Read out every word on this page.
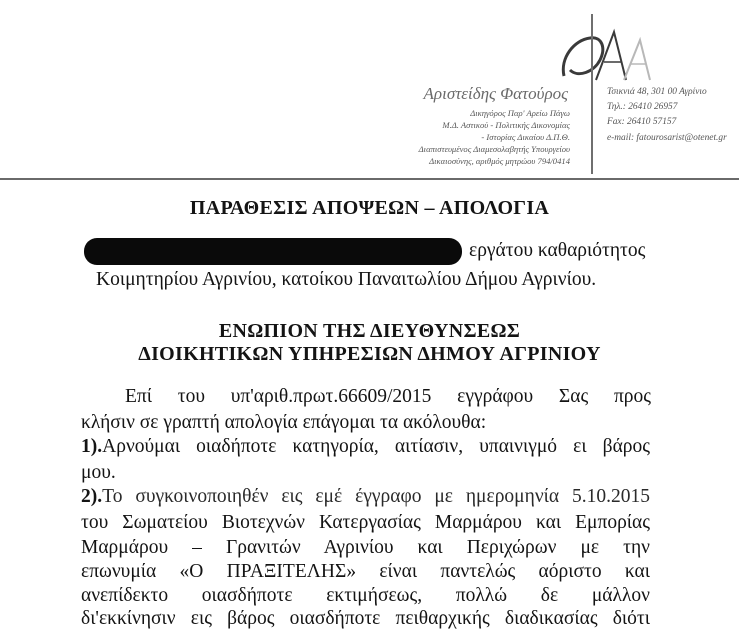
Αριστείδης Φατούρος
Δικηγόρος Παρ' Αρείω Πάγω
Μ.Δ. Αστικού - Πολιτικής Δικονομίας
- Ιστορίας Δικαίου Δ.Π.Θ.
Διαπιστευμένος Διαμεσολαβητής Υπουργείου
Δικαιοσύνης, αριθμός μητρώου 794/0414
Τσικνιά 48, 301 00 Αγρίνιο
Τηλ.: 26410 26957
Fax: 26410 57157
e-mail: fatourosarist@otenet.gr
ΠΑΡΑΘΕΣΙΣ ΑΠΟΨΕΩΝ – ΑΠΟΛΟΓΙΑ
εργάτου καθαριότητος
Κοιμητηρίου Αγρινίου, κατοίκου Παναιτωλίου Δήμου Αγρινίου.
ΕΝΩΠΙΟΝ ΤΗΣ ΔΙΕΥΘΥΝΣΕΩΣ
ΔΙΟΙΚΗΤΙΚΩΝ ΥΠΗΡΕΣΙΩΝ ΔΗΜΟΥ ΑΓΡΙΝΙΟΥ
Επί του υπ'αριθ.πρωτ.66609/2015 εγγράφου Σας προς
κλήσιν σε γραπτή απολογία επάγομαι τα ακόλουθα:
1). Αρνούμαι οιαδήποτε κατηγορία, αιτίασιν, υπαινιγμό ει βάρος
μου.
2). Το συγκοινοποιηθέν εις εμέ έγγραφο με ημερομηνία 5.10.2015
του Σωματείου Βιοτεχνών Κατεργασίας Μαρμάρου και Εμπορίας
Μαρμάρου – Γρανιτών Αγρινίου και Περιχώρων με την
επωνυμία «Ο ΠΡΑΞΙΤΕΛΗΣ» είναι παντελώς αόριστο και
ανεπίδεκτο οιασδήποτε εκτιμήσεως, πολλώ δε μάλλον
δι'εκκίνησιν εις βάρος οιασδήποτε πειθαρχικής διαδικασίας διότι
